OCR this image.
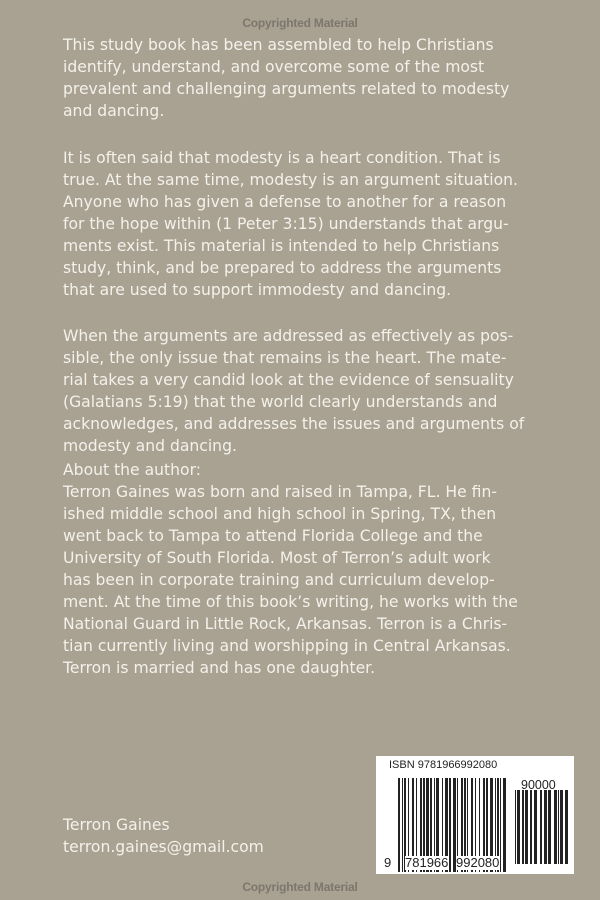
Copyrighted Material
This study book has been assembled to help Christians
identify, understand, and overcome some of the most
prevalent and challenging arguments related to modesty
and dancing.
It is often said that modesty is a heart condition. That is
true. At the same time, modesty is an argument situation.
Anyone who has given a defense to another for a reason
for the hope within (1 Peter 3:15) understands that argu-
ments exist. This material is intended to help Christians
study, think, and be prepared to address the arguments
that are used to support immodesty and dancing.
When the arguments are addressed as effectively as pos-
sible, the only issue that remains is the heart. The mate-
rial takes a very candid look at the evidence of sensuality
(Galatians 5:19) that the world clearly understands and
acknowledges, and addresses the issues and arguments of
modesty and dancing.
About the author:
Terron Gaines was born and raised in Tampa, FL. He fin-
ished middle school and high school in Spring, TX, then
went back to Tampa to attend Florida College and the
University of South Florida. Most of Terron’s adult work
has been in corporate training and curriculum develop-
ment. At the time of this book’s writing, he works with the
National Guard in Little Rock, Arkansas. Terron is a Chris-
tian currently living and worshipping in Central Arkansas.
Terron is married and has one daughter.
Terron Gaines
terron.gaines@gmail.com
ISBN 9781966992080
90000
9 781966 992080
Copyrighted Material
